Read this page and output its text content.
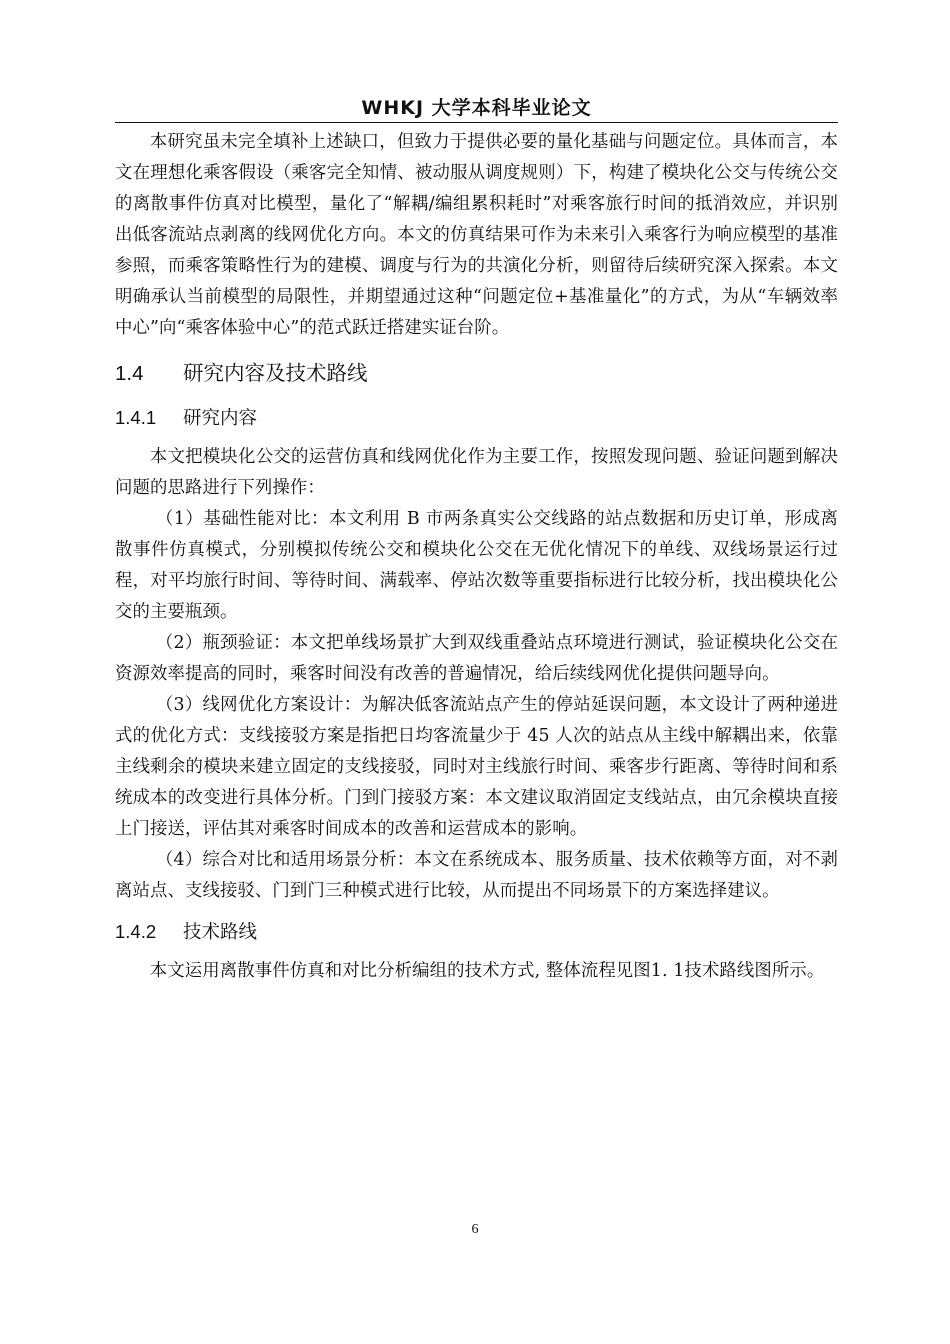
WHKJ 大学本科毕业论文

本研究虽未完全填补上述缺口，但致力于提供必要的量化基础与问题定位。具体而言，本文在理想化乘客假设（乘客完全知情、被动服从调度规则）下，构建了模块化公交与传统公交的离散事件仿真对比模型，量化了“解耦/编组累积耗时”对乘客旅行时间的抵消效应，并识别出低客流站点剥离的线网优化方向。本文的仿真结果可作为未来引入乘客行为响应模型的基准参照，而乘客策略性行为的建模、调度与行为的共演化分析，则留待后续研究深入探索。本文明确承认当前模型的局限性，并期望通过这种“问题定位+基准量化”的方式，为从“车辆效率中心”向“乘客体验中心”的范式跃迁搭建实证台阶。

1.4 研究内容及技术路线
1.4.1 研究内容

本文把模块化公交的运营仿真和线网优化作为主要工作，按照发现问题、验证问题到解决问题的思路进行下列操作：

（1）基础性能对比：本文利用 B 市两条真实公交线路的站点数据和历史订单，形成离散事件仿真模式，分别模拟传统公交和模块化公交在无优化情况下的单线、双线场景运行过程，对平均旅行时间、等待时间、满载率、停站次数等重要指标进行比较分析，找出模块化公交的主要瓶颈。

（2）瓶颈验证：本文把单线场景扩大到双线重叠站点环境进行测试，验证模块化公交在资源效率提高的同时，乘客时间没有改善的普遍情况，给后续线网优化提供问题导向。

（3）线网优化方案设计：为解决低客流站点产生的停站延误问题，本文设计了两种递进式的优化方式：支线接驳方案是指把日均客流量少于 45 人次的站点从主线中解耦出来，依靠主线剩余的模块来建立固定的支线接驳，同时对主线旅行时间、乘客步行距离、等待时间和系统成本的改变进行具体分析。门到门接驳方案：本文建议取消固定支线站点，由冗余模块直接上门接送，评估其对乘客时间成本的改善和运营成本的影响。

（4）综合对比和适用场景分析：本文在系统成本、服务质量、技术依赖等方面，对不剥离站点、支线接驳、门到门三种模式进行比较，从而提出不同场景下的方案选择建议。

1.4.2 技术路线

本文运用离散事件仿真和对比分析编组的技术方式, 整体流程见图1. 1技术路线图所示。

6
